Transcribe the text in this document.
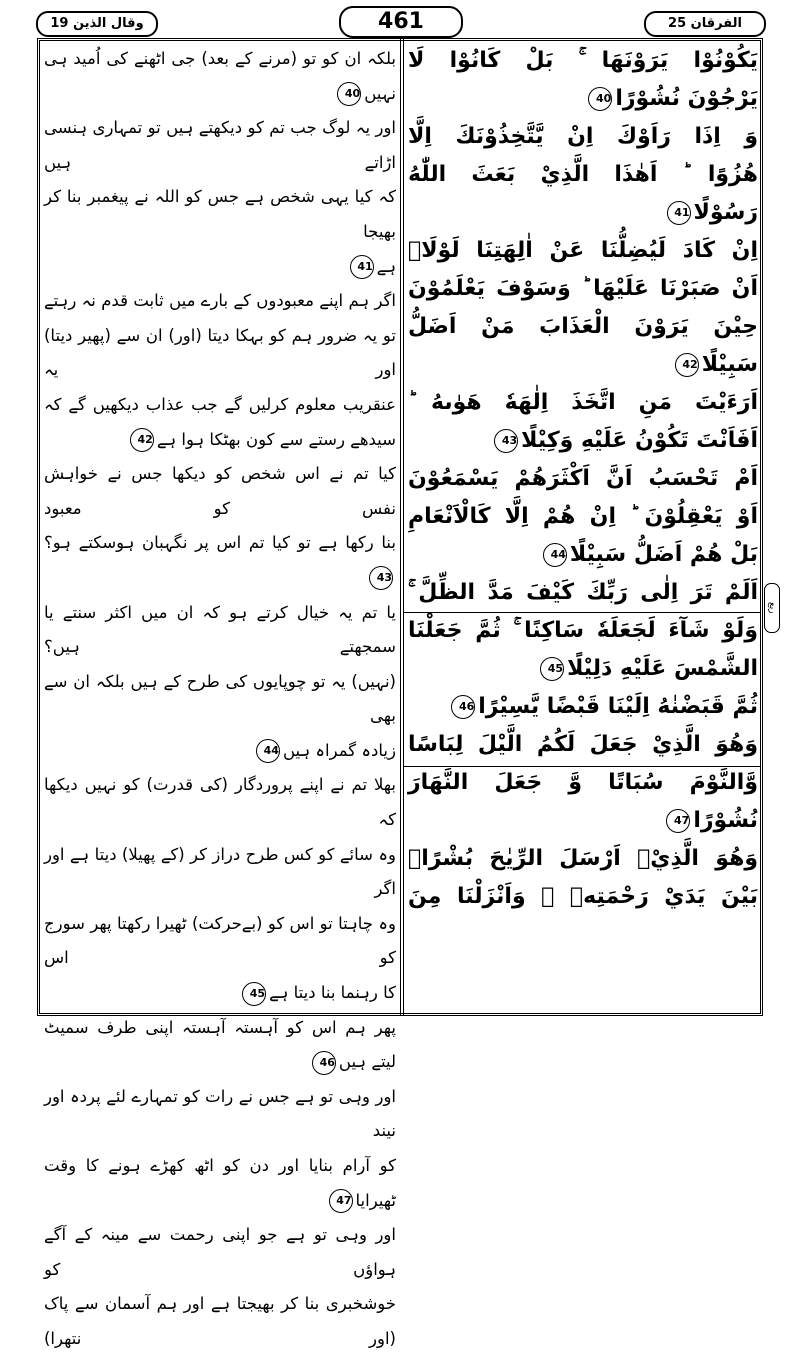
وقال الذين 19	461	الفرقان 25
ربع
يَكُوْنُوْا يَرَوْنَهَا ۚ بَلْ كَانُوْا لَا
يَرْجُوْنَ نُشُوْرًا40
وَ اِذَا رَاَوْكَ اِنْ يَّتَّخِذُوْنَكَ اِلَّا
هُزُوًا ؕ اَهٰذَا الَّذِيْ بَعَثَ اللّٰهُ
رَسُوْلًا41
اِنْ كَادَ لَيُضِلُّنَا عَنْ اٰلِهَتِنَا لَوْلَاۤ
اَنْ صَبَرْنَا عَلَيْهَا ؕ وَسَوْفَ يَعْلَمُوْنَ
حِيْنَ يَرَوْنَ الْعَذَابَ مَنْ اَضَلُّ
سَبِيْلًا42
اَرَءَيْتَ مَنِ اتَّخَذَ اِلٰهَهٗ هَوٰىهُ ؕ
اَفَاَنْتَ تَكُوْنُ عَلَيْهِ وَكِيْلًا43
اَمْ تَحْسَبُ اَنَّ اَكْثَرَهُمْ يَسْمَعُوْنَ
اَوْ يَعْقِلُوْنَ ؕ اِنْ هُمْ اِلَّا كَالْاَنْعَامِ
بَلْ هُمْ اَضَلُّ سَبِيْلًا44
اَلَمْ تَرَ اِلٰى رَبِّكَ كَيْفَ مَدَّ الظِّلَّ ۚ
وَلَوْ شَآءَ لَجَعَلَهٗ سَاكِنًا ۚ ثُمَّ جَعَلْنَا
الشَّمْسَ عَلَيْهِ دَلِيْلًا45
ثُمَّ قَبَضْنٰهُ اِلَيْنَا قَبْضًا يَّسِيْرًا46
وَهُوَ الَّذِيْ جَعَلَ لَكُمُ الَّيْلَ لِبَاسًا
وَّالنَّوْمَ سُبَاتًا وَّ جَعَلَ النَّهَارَ
نُشُوْرًا47
وَهُوَ الَّذِيْۤ اَرْسَلَ الرِّيٰحَ بُشْرًاۢ
بَيْنَ يَدَيْ رَحْمَتِهٖ ۚ وَاَنْزَلْنَا مِنَ
بلکہ ان کو تو (مرنے کے بعد) جی اٹھنے کی اُمید ہی
نہیں40
اور یہ لوگ جب تم کو دیکھتے ہیں تو تمہاری ہنسی اڑاتے ہیں
کہ کیا یہی شخص ہے جس کو اللہ نے پیغمبر بنا کر بھیجا
ہے41
اگر ہم اپنے معبودوں کے بارے میں ثابت قدم نہ رہتے
تو یہ ضرور ہم کو بہکا دیتا (اور) ان سے (پھیر دیتا) اور یہ
عنقریب معلوم کرلیں گے جب عذاب دیکھیں گے کہ
سیدھے رستے سے کون بھٹکا ہوا ہے42
کیا تم نے اس شخص کو دیکھا جس نے خواہش نفس کو معبود
بنا رکھا ہے تو کیا تم اس پر نگہبان ہوسکتے ہو؟43
یا تم یہ خیال کرتے ہو کہ ان میں اکثر سنتے یا سمجھتے ہیں؟
(نہیں) یہ تو چوپایوں کی طرح کے ہیں بلکہ ان سے بھی
زیادہ گمراہ ہیں44
بھلا تم نے اپنے پروردگار (کی قدرت) کو نہیں دیکھا کہ
وہ سائے کو کس طرح دراز کر (کے پھیلا) دیتا ہے اور اگر
وہ چاہتا تو اس کو (بےحرکت) ٹھیرا رکھتا پھر سورج کو اس
کا رہنما بنا دیتا ہے45
پھر ہم اس کو آہستہ آہستہ اپنی طرف سمیٹ لیتے ہیں46
اور وہی تو ہے جس نے رات کو تمہارے لئے پردہ اور نیند
کو آرام بنایا اور دن کو اٹھ کھڑے ہونے کا وقت
ٹھیرایا47
اور وہی تو ہے جو اپنی رحمت سے مینہ کے آگے ہواؤں کو
خوشخبری بنا کر بھیجتا ہے اور ہم آسمان سے پاک (اور نتھرا)
